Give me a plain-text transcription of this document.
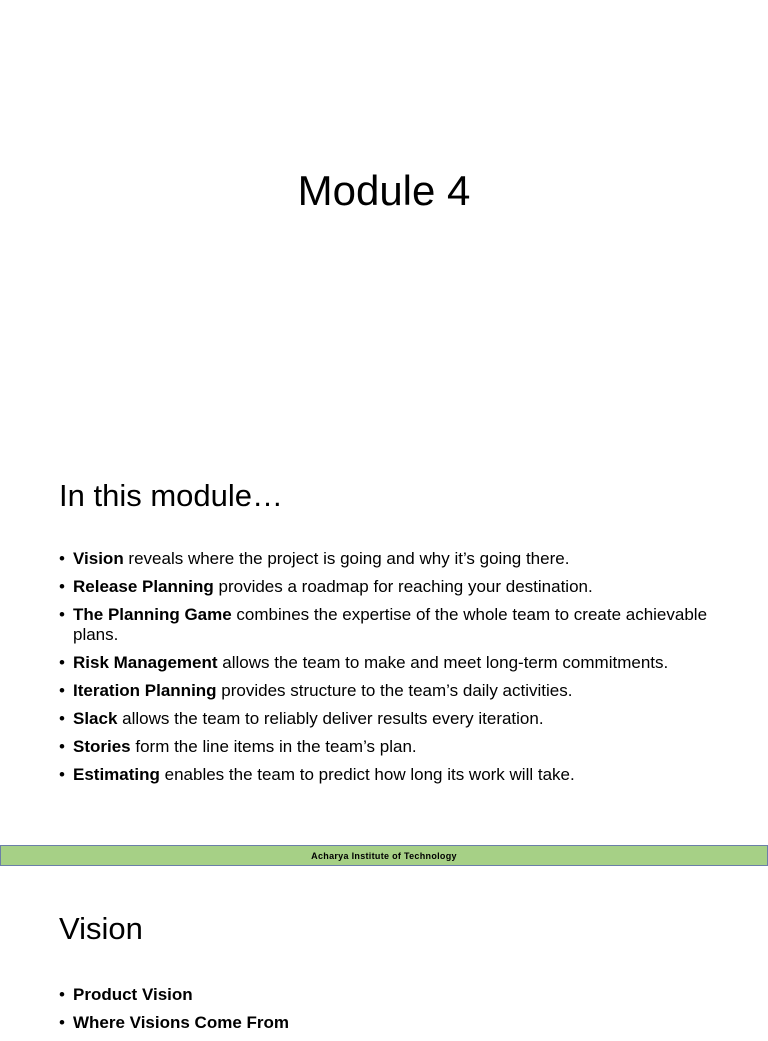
Module 4
In this module…
• Vision reveals where the project is going and why it’s going there.
• Release Planning provides a roadmap for reaching your destination.
• The Planning Game combines the expertise of the whole team to create achievable plans.
• Risk Management allows the team to make and meet long-term commitments.
• Iteration Planning provides structure to the team’s daily activities.
• Slack allows the team to reliably deliver results every iteration.
• Stories form the line items in the team’s plan.
• Estimating enables the team to predict how long its work will take.
Acharya Institute of Technology
Vision
• Product Vision
• Where Visions Come From
